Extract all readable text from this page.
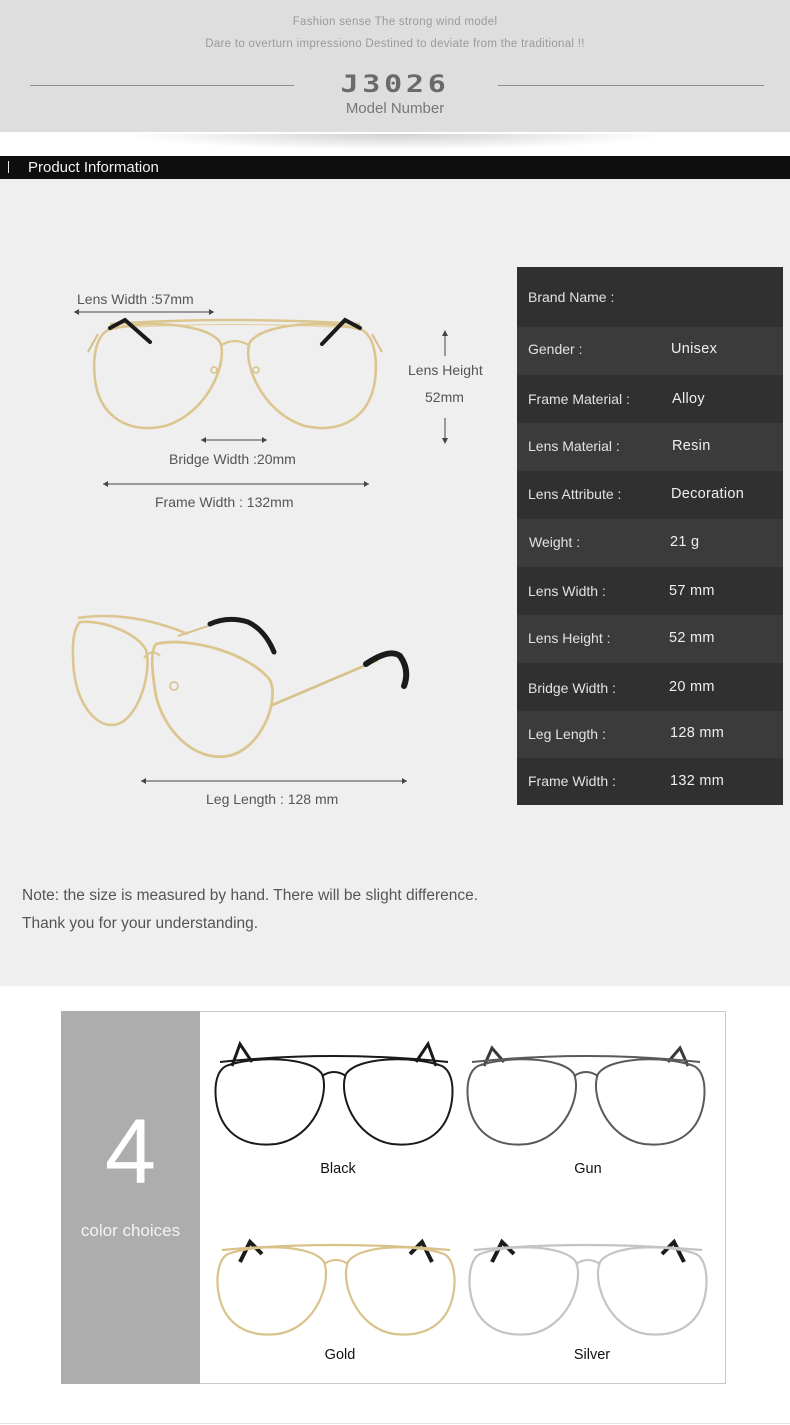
Fashion sense The strong wind model
Dare to overturn impressiono Destined to deviate from the traditional !!
J3026
Model Number
Product Information
Lens Width :57mm
Lens Height
52mm
Bridge Width :20mm
Frame Width : 132mm
Leg Length : 128 mm
Brand Name :
Gender :	Unisex
Frame Material :	Alloy
Lens Material :	Resin
Lens Attribute :	Decoration
Weight :	21 g
Lens Width :	57 mm
Lens Height :	52 mm
Bridge Width :	20 mm
Leg Length :	128 mm
Frame Width :	132 mm
Note: the size is measured by hand. There will be slight difference.
Thank you for your understanding.
4
color choices
Black	Gun
Gold	Silver
